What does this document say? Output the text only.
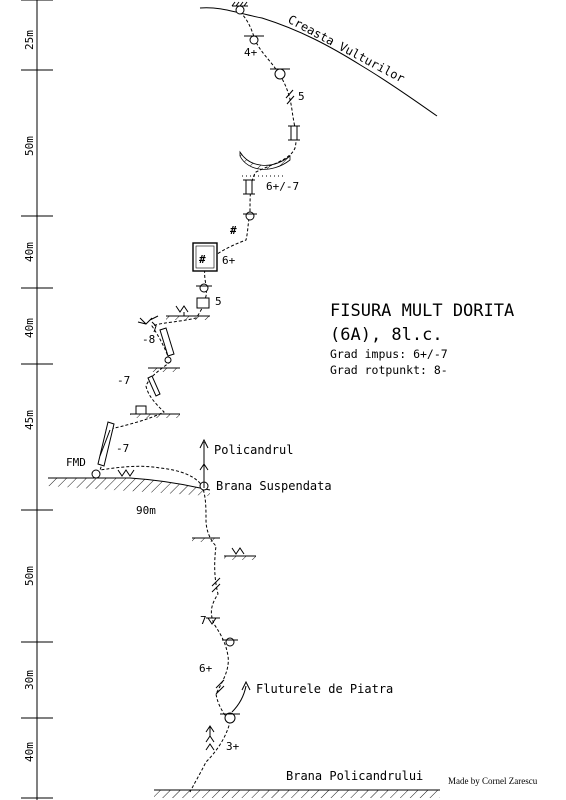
25m
50m
40m
40m
45m
50m
30m
40m
Creasta Vulturilor
FMD
90m
Brana Suspendata
Policandrul
Fluturele de Piatra
Brana Policandrului
4+
5
6+/-7
#
# 6+
5
-8
-7
-7
7
6+
3+
FISURA MULT DORITA
(6A), 8l.c.
Grad impus: 6+/-7
Grad rotpunkt: 8-
Made by Cornel Zarescu
